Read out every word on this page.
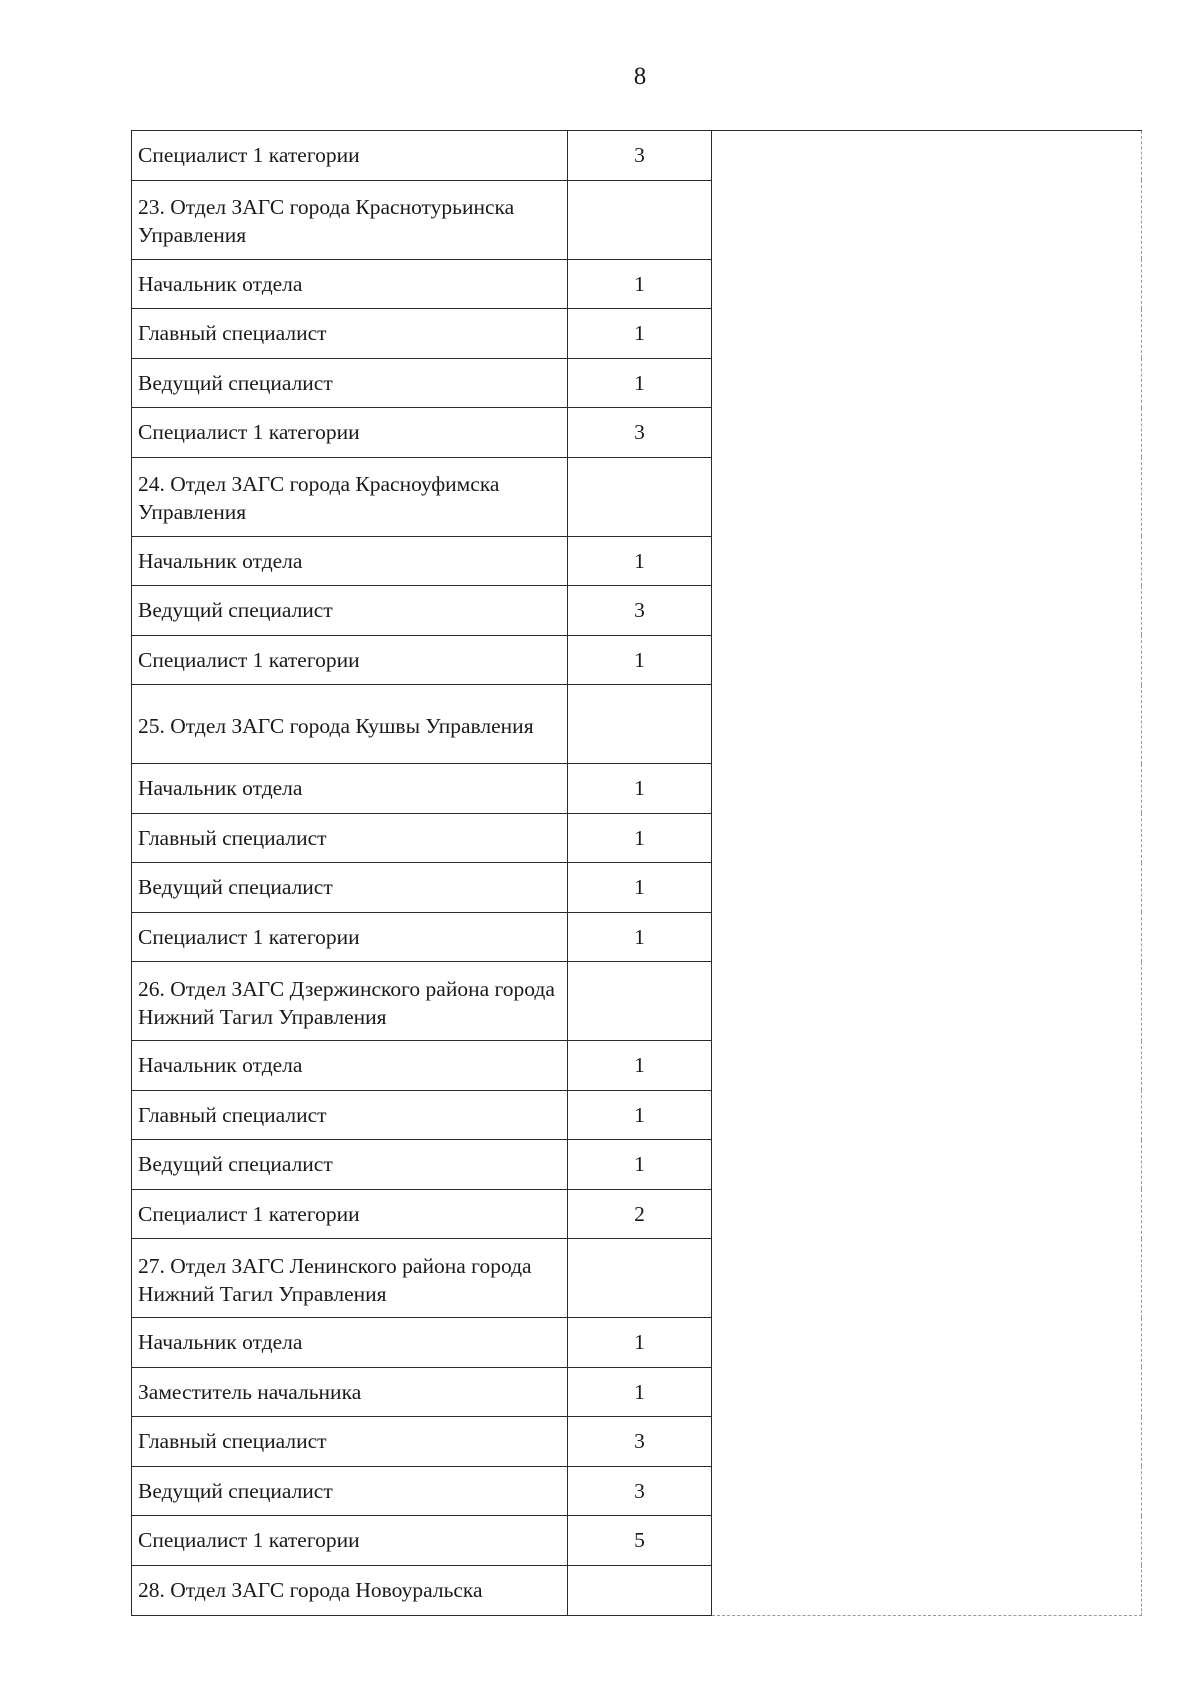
8
Специалист 1 категории	3	
23. Отдел ЗАГС города Краснотурьинска Управления		
Начальник отдела	1	
Главный специалист	1	
Ведущий специалист	1	
Специалист 1 категории	3	
24. Отдел ЗАГС города Красноуфимска Управления		
Начальник отдела	1	
Ведущий специалист	3	
Специалист 1 категории	1	
25. Отдел ЗАГС города Кушвы Управления		
Начальник отдела	1	
Главный специалист	1	
Ведущий специалист	1	
Специалист 1 категории	1	
26. Отдел ЗАГС Дзержинского района города Нижний Тагил Управления		
Начальник отдела	1	
Главный специалист	1	
Ведущий специалист	1	
Специалист 1 категории	2	
27. Отдел ЗАГС Ленинского района города Нижний Тагил Управления		
Начальник отдела	1	
Заместитель начальника	1	
Главный специалист	3	
Ведущий специалист	3	
Специалист 1 категории	5	
28. Отдел ЗАГС города Новоуральска		
